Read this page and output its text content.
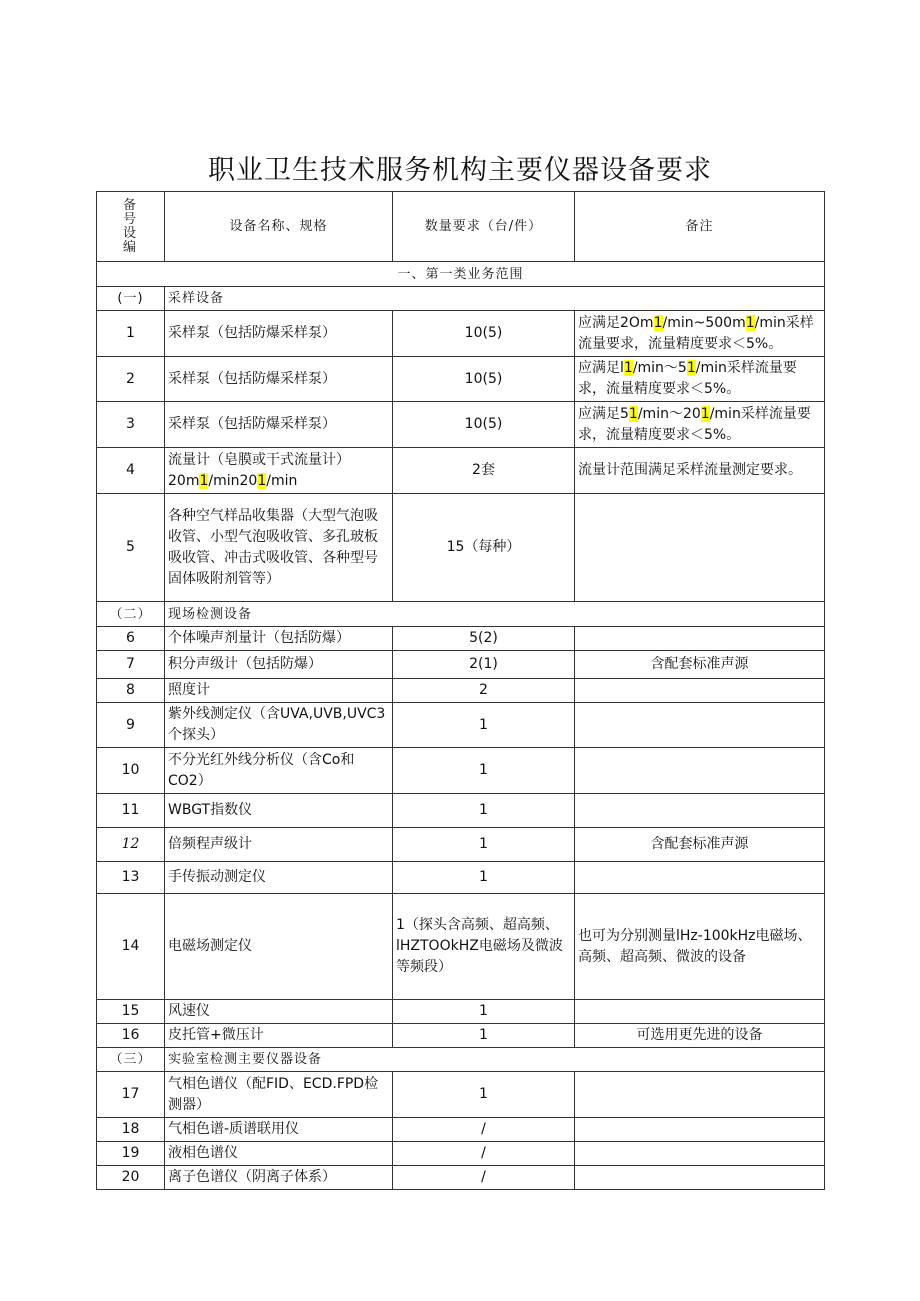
职业卫生技术服务机构主要仪器设备要求
备号设编	设备名称、规格	数量要求（台/件）	备注
一、第一类业务范围			
(一)	采样设备		
1	采样泵（包括防爆采样泵）	10(5)	应满足2Om1/min~500m1/min采样流量要求，流量精度要求＜5%。
2	采样泵（包括防爆采样泵）	10(5)	应满足l1/min～51/min采样流量要求，流量精度要求＜5%。
3	采样泵（包括防爆采样泵）	10(5)	应满足51/min～201/min采样流量要求，流量精度要求＜5%。
4	流量计（皂膜或干式流量计）20m1/min201/min	2套	流量计范围满足采样流量测定要求。
5	各种空气样品收集器（大型气泡吸收管、小型气泡吸收管、多孔玻板吸收管、冲击式吸收管、各种型号固体吸附剂管等）	15（每种）	
（二）	现场检测设备		
6	个体噪声剂量计（包括防爆）	5(2)	
7	积分声级计（包括防爆）	2(1)	含配套标准声源
8	照度计	2	
9	紫外线测定仪（含UVA,UVB,UVC3个探头）	1	
10	不分光红外线分析仪（含Co和CO2）	1	
11	WBGT指数仪	1	
12	倍频程声级计	1	含配套标准声源
13	手传振动测定仪	1	
14	电磁场测定仪	1（探头含高频、超高频、lHZTOOkHZ电磁场及微波等频段）	也可为分别测量lHz-100kHz电磁场、高频、超高频、微波的设备
15	风速仪	1	
16	皮托管+微压计	1	可选用更先进的设备
（三）	实验室检测主要仪器设备		
17	气相色谱仪（配FID、ECD.FPD检测器）	1	
18	气相色谱-质谱联用仪	/	
19	液相色谱仪	/	
20	离子色谱仪（阴离子体系）	/	
